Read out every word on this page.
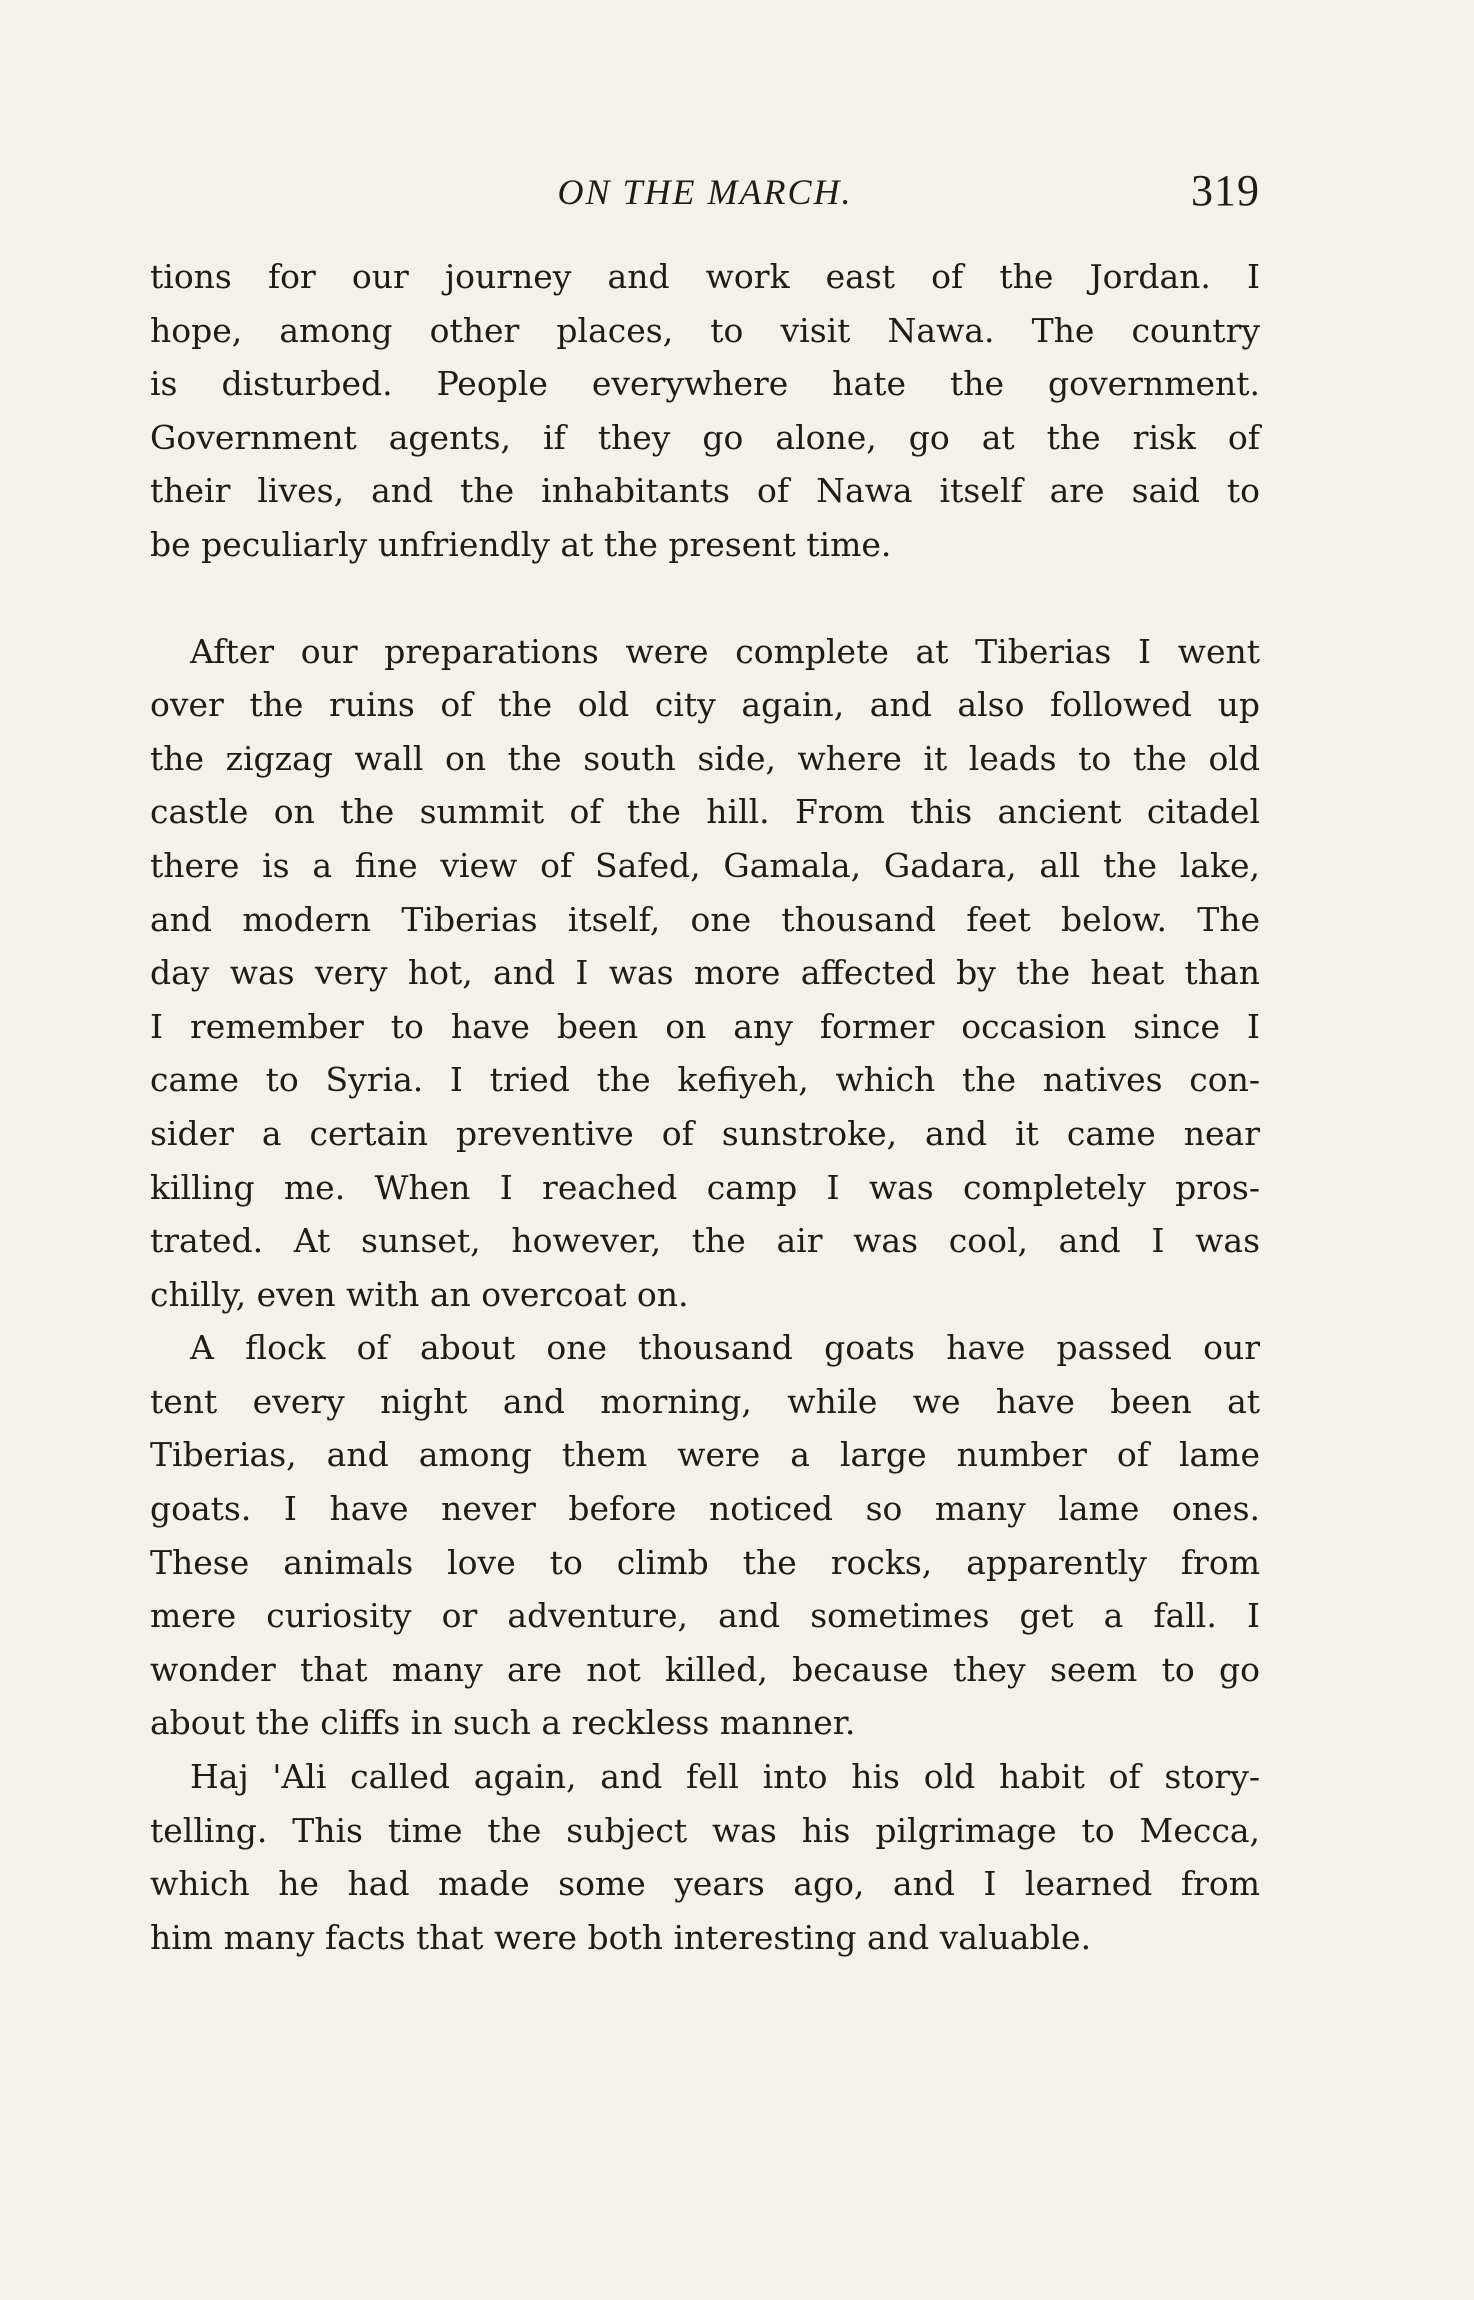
ON THE MARCH.	319
tions for our journey and work east of the Jordan. I
hope, among other places, to visit Nawa. The country
is disturbed. People everywhere hate the government.
Government agents, if they go alone, go at the risk of
their lives, and the inhabitants of Nawa itself are said to
be peculiarly unfriendly at the present time.
After our preparations were complete at Tiberias I went
over the ruins of the old city again, and also followed up
the zigzag wall on the south side, where it leads to the old
castle on the summit of the hill. From this ancient citadel
there is a fine view of Safed, Gamala, Gadara, all the lake,
and modern Tiberias itself, one thousand feet below. The
day was very hot, and I was more affected by the heat than
I remember to have been on any former occasion since I
came to Syria. I tried the kefiyeh, which the natives con-
sider a certain preventive of sunstroke, and it came near
killing me. When I reached camp I was completely pros-
trated. At sunset, however, the air was cool, and I was
chilly, even with an overcoat on.
A flock of about one thousand goats have passed our
tent every night and morning, while we have been at
Tiberias, and among them were a large number of lame
goats. I have never before noticed so many lame ones.
These animals love to climb the rocks, apparently from
mere curiosity or adventure, and sometimes get a fall. I
wonder that many are not killed, because they seem to go
about the cliffs in such a reckless manner.
Haj 'Ali called again, and fell into his old habit of story-
telling. This time the subject was his pilgrimage to Mecca,
which he had made some years ago, and I learned from
him many facts that were both interesting and valuable.
